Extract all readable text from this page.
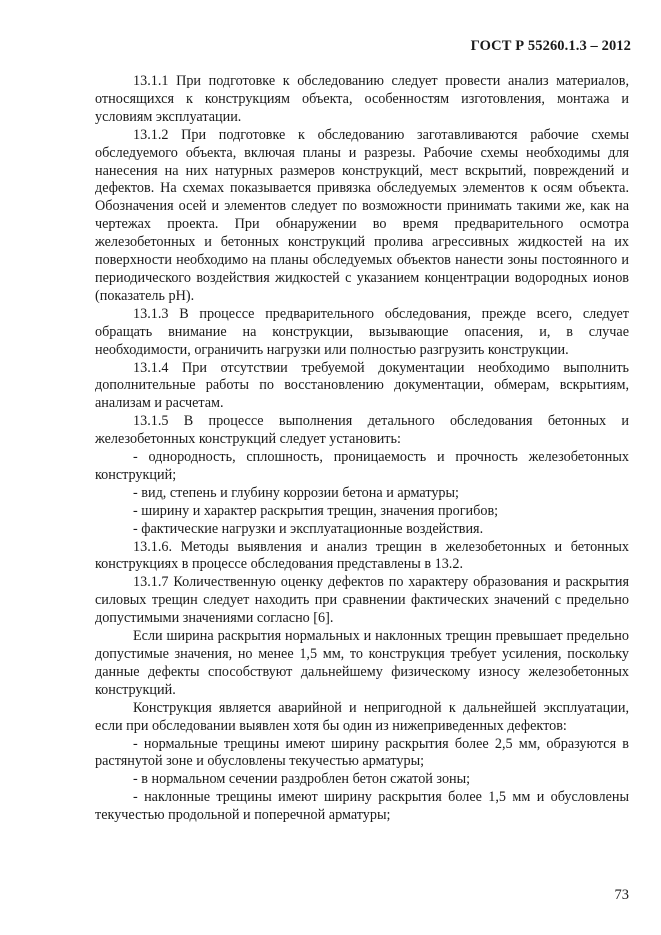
ГОСТ Р 55260.1.3 – 2012

13.1.1 При подготовке к обследованию следует провести анализ материалов, относящихся к конструкциям объекта, особенностям изготовления, монтажа и условиям эксплуатации.

13.1.2 При подготовке к обследованию заготавливаются рабочие схемы обследуемого объекта, включая планы и разрезы. Рабочие схемы необходимы для нанесения на них натурных размеров конструкций, мест вскрытий, повреждений и дефектов. На схемах показывается привязка обследуемых элементов к осям объекта. Обозначения осей и элементов следует по возможности принимать такими же, как на чертежах проекта. При обнаружении во время предварительного осмотра железобетонных и бетонных конструкций пролива агрессивных жидкостей на их поверхности необходимо на планы обследуемых объектов нанести зоны постоянного и периодического воздействия жидкостей с указанием концентрации водородных ионов (показатель pH).

13.1.3 В процессе предварительного обследования, прежде всего, следует обращать внимание на конструкции, вызывающие опасения, и, в случае необходимости, ограничить нагрузки или полностью разгрузить конструкции.

13.1.4 При отсутствии требуемой документации необходимо выполнить дополнительные работы по восстановлению документации, обмерам, вскрытиям, анализам и расчетам.

13.1.5 В процессе выполнения детального обследования бетонных и железобетонных конструкций следует установить:

- однородность, сплошность, проницаемость и прочность железобетонных конструкций;

- вид, степень и глубину коррозии бетона и арматуры;

- ширину и характер раскрытия трещин, значения прогибов;

- фактические нагрузки и эксплуатационные воздействия.

13.1.6. Методы выявления и анализ трещин в железобетонных и бетонных конструкциях в процессе обследования представлены в 13.2.

13.1.7 Количественную оценку дефектов по характеру образования и раскрытия силовых трещин следует находить при сравнении фактических значений с предельно допустимыми значениями согласно [6].

Если ширина раскрытия нормальных и наклонных трещин превышает предельно допустимые значения, но менее 1,5 мм, то конструкция требует усиления, поскольку данные дефекты способствуют дальнейшему физическому износу железобетонных конструкций.

Конструкция является аварийной и непригодной к дальнейшей эксплуатации, если при обследовании выявлен хотя бы один из нижеприведенных дефектов:

- нормальные трещины имеют ширину раскрытия более 2,5 мм, образуются в растянутой зоне и обусловлены текучестью арматуры;

- в нормальном сечении раздроблен бетон сжатой зоны;

- наклонные трещины имеют ширину раскрытия более 1,5 мм и обусловлены текучестью продольной и поперечной арматуры;

73
